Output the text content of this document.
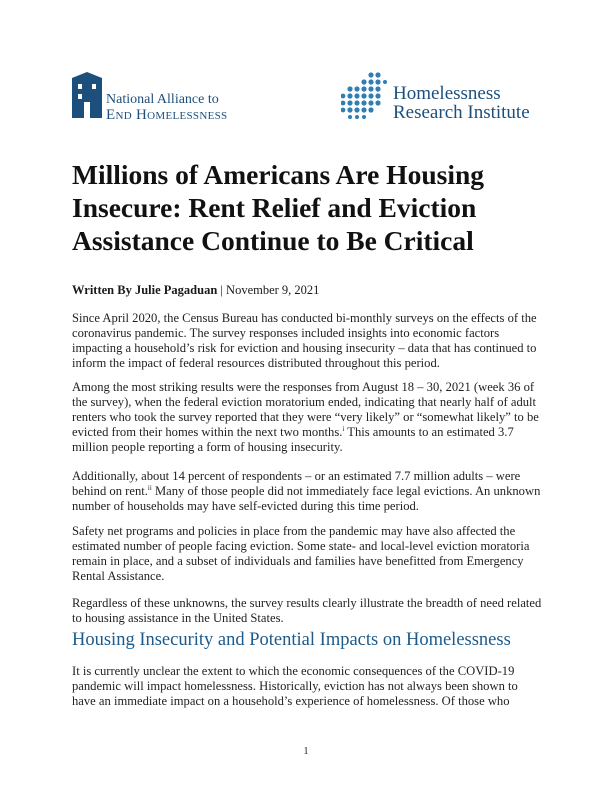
National Alliance to
End Homelessness
Homelessness
Research Institute
Millions of Americans Are Housing Insecure: Rent Relief and Eviction Assistance Continue to Be Critical
Written By Julie Pagaduan | November 9, 2021

Since April 2020, the Census Bureau has conducted bi-monthly surveys on the effects of the coronavirus pandemic. The survey responses included insights into economic factors impacting a household’s risk for eviction and housing insecurity – data that has continued to inform the impact of federal resources distributed throughout this period.

Among the most striking results were the responses from August 18 – 30, 2021 (week 36 of the survey), when the federal eviction moratorium ended, indicating that nearly half of adult renters who took the survey reported that they were “very likely” or “somewhat likely” to be evicted from their homes within the next two months.$^i$ This amounts to an estimated 3.7 million people reporting a form of housing insecurity.

Additionally, about 14 percent of respondents – or an estimated 7.7 million adults – were behind on rent.$^{ii}$ Many of those people did not immediately face legal evictions. An unknown number of households may have self-evicted during this time period.

Safety net programs and policies in place from the pandemic may have also affected the estimated number of people facing eviction. Some state- and local-level eviction moratoria remain in place, and a subset of individuals and families have benefitted from Emergency Rental Assistance.

Regardless of these unknowns, the survey results clearly illustrate the breadth of need related to housing assistance in the United States.

Housing Insecurity and Potential Impacts on Homelessness

It is currently unclear the extent to which the economic consequences of the COVID-19 pandemic will impact homelessness. Historically, eviction has not always been shown to have an immediate impact on a household’s experience of homelessness. Of those who

1
